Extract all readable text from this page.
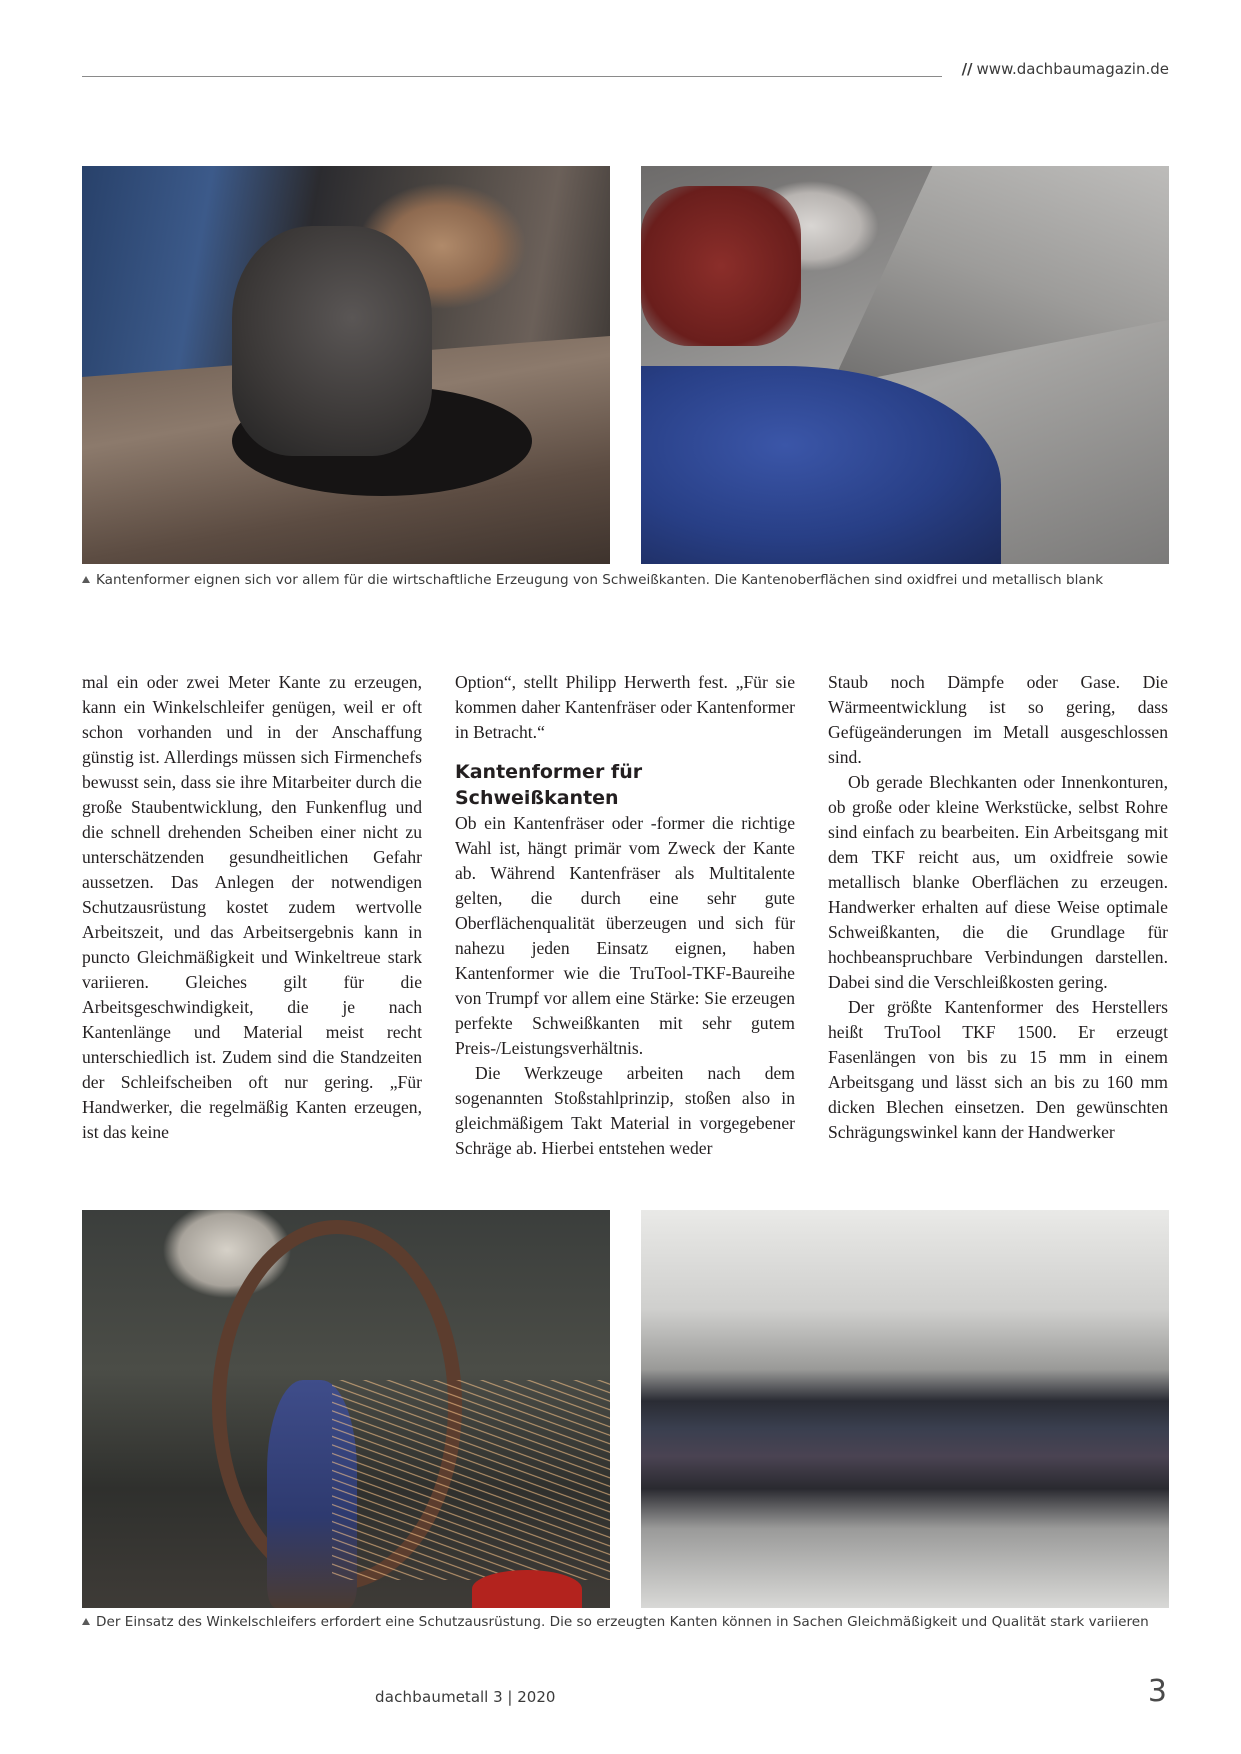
// www.dachbaumagazin.de
Kantenformer eignen sich vor allem für die wirtschaftliche Erzeugung von Schweißkanten. Die Kantenoberflächen sind oxidfrei und metallisch blank

mal ein oder zwei Meter Kante zu erzeugen, kann ein Winkelschleifer genügen, weil er oft schon vorhanden und in der Anschaffung günstig ist. Allerdings müssen sich Firmenchefs bewusst sein, dass sie ihre Mitarbeiter durch die große Staubentwicklung, den Funkenflug und die schnell drehenden Scheiben einer nicht zu unterschätzenden gesundheitlichen Gefahr aussetzen. Das Anlegen der notwendigen Schutzausrüstung kostet zudem wertvolle Arbeitszeit, und das Arbeitsergebnis kann in puncto Gleichmäßigkeit und Winkeltreue stark variieren. Gleiches gilt für die Arbeitsgeschwindigkeit, die je nach Kantenlänge und Material meist recht unterschiedlich ist. Zudem sind die Standzeiten der Schleifscheiben oft nur gering. „Für Handwerker, die regelmäßig Kanten erzeugen, ist das keine

Option“, stellt Philipp Herwerth fest. „Für sie kommen daher Kantenfräser oder Kantenformer in Betracht.“

Kantenformer für Schweißkanten

Ob ein Kantenfräser oder -former die richtige Wahl ist, hängt primär vom Zweck der Kante ab. Während Kantenfräser als Multitalente gelten, die durch eine sehr gute Oberflächenqualität überzeugen und sich für nahezu jeden Einsatz eignen, haben Kantenformer wie die TruTool-TKF-Baureihe von Trumpf vor allem eine Stärke: Sie erzeugen perfekte Schweißkanten mit sehr gutem Preis-/Leistungsverhältnis.

Die Werkzeuge arbeiten nach dem sogenannten Stoßstahlprinzip, stoßen also in gleichmäßigem Takt Material in vorgegebener Schräge ab. Hierbei entstehen weder

Staub noch Dämpfe oder Gase. Die Wärmeentwicklung ist so gering, dass Gefügeänderungen im Metall ausgeschlossen sind.

Ob gerade Blechkanten oder Innenkonturen, ob große oder kleine Werkstücke, selbst Rohre sind einfach zu bearbeiten. Ein Arbeitsgang mit dem TKF reicht aus, um oxidfreie sowie metallisch blanke Oberflächen zu erzeugen. Handwerker erhalten auf diese Weise optimale Schweißkanten, die die Grundlage für hochbeanspruchbare Verbindungen darstellen. Dabei sind die Verschleißkosten gering.

Der größte Kantenformer des Herstellers heißt TruTool TKF 1500. Er erzeugt Fasenlängen von bis zu 15 mm in einem Arbeitsgang und lässt sich an bis zu 160 mm dicken Blechen einsetzen. Den gewünschten Schrägungswinkel kann der Handwerker

Der Einsatz des Winkelschleifers erfordert eine Schutzausrüstung. Die so erzeugten Kanten können in Sachen Gleichmäßigkeit und Qualität stark variieren
dachbaumetall 3 | 2020	3
